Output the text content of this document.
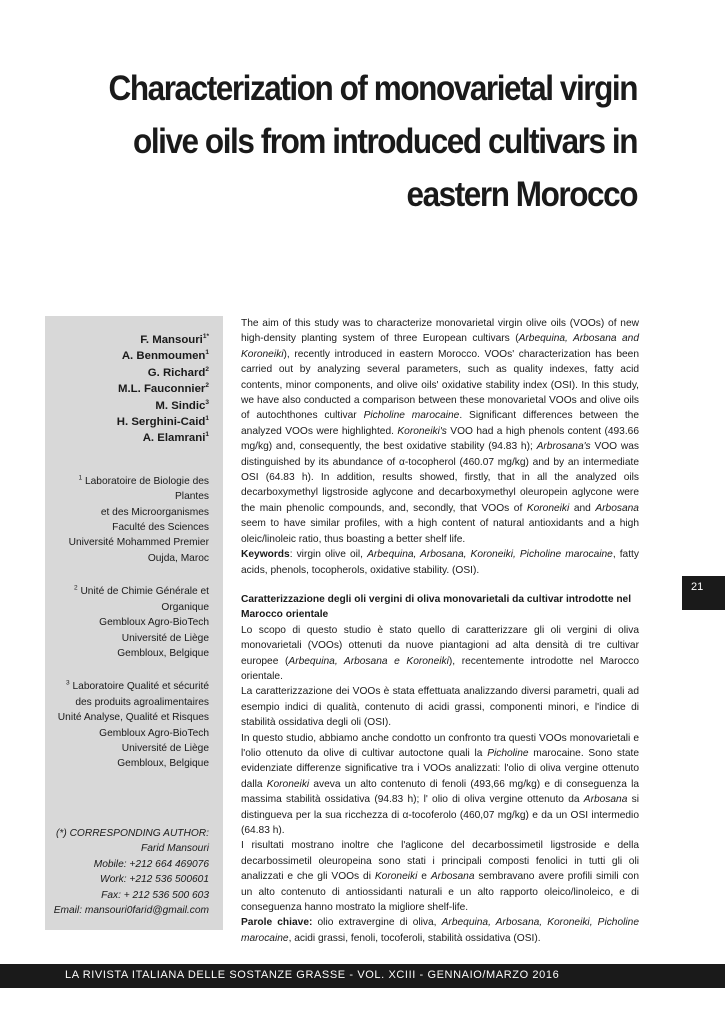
Characterization of monovarietal virgin
olive oils from introduced cultivars in
eastern Morocco
F. Mansouri$^{1*}$
A. Benmoumen$^1$
G. Richard$^2$
M.L. Fauconnier$^2$
M. Sindic$^3$
H. Serghini-Caid$^1$
A. Elamrani$^1$
$^1$ Laboratoire de Biologie des Plantes
et des Microorganismes
Faculté des Sciences
Université Mohammed Premier
Oujda, Maroc
$^2$ Unité de Chimie Générale et Organique
Gembloux Agro-BioTech
Université de Liège
Gembloux, Belgique
$^3$ Laboratoire Qualité et sécurité
des produits agroalimentaires
Unité Analyse, Qualité et Risques
Gembloux Agro-BioTech
Université de Liège
Gembloux, Belgique
(*) CORRESPONDING AUTHOR:
Farid Mansouri
Mobile: +212 664 469076
Work: +212 536 500601
Fax: + 212 536 500 603
Email: mansouri0farid@gmail.com

The aim of this study was to characterize monovarietal virgin olive oils (VOOs) of new high-density planting system of three European cultivars (Arbequina, Arbosana and Koroneiki), recently introduced in eastern Morocco. VOOs' characterization has been carried out by analyzing several parameters, such as quality indexes, fatty acid contents, minor components, and olive oils' oxidative stability index (OSI). In this study, we have also conducted a comparison between these monovarietal VOOs and olive oils of autochthones cultivar Picholine marocaine. Significant differences between the analyzed VOOs were highlighted. Koroneiki's VOO had a high phenols content (493.66 mg/kg) and, consequently, the best oxidative stability (94.83 h); Arbrosana's VOO was distinguished by its abundance of α-tocopherol (460.07 mg/kg) and by an intermediate OSI (64.83 h). In addition, results showed, firstly, that in all the analyzed oils decarboxymethyl ligstroside aglycone and decarboxymethyl oleuropein aglycone were the main phenolic compounds, and, secondly, that VOOs of Koroneiki and Arbosana seem to have similar profiles, with a high content of natural antioxidants and a high oleic/linoleic ratio, thus boasting a better shelf life.

Keywords: virgin olive oil, Arbequina, Arbosana, Koroneiki, Picholine marocaine, fatty acids, phenols, tocopherols, oxidative stability. (OSI).

Caratterizzazione degli oli vergini di oliva monovarietali da cultivar introdotte nel Marocco orientale

Lo scopo di questo studio è stato quello di caratterizzare gli oli vergini di oliva monovarietali (VOOs) ottenuti da nuove piantagioni ad alta densità di tre cultivar europee (Arbequina, Arbosana e Koroneiki), recentemente introdotte nel Marocco orientale.

La caratterizzazione dei VOOs è stata effettuata analizzando diversi parametri, quali ad esempio indici di qualità, contenuto di acidi grassi, componenti minori, e l'indice di stabilità ossidativa degli oli (OSI).

In questo studio, abbiamo anche condotto un confronto tra questi VOOs monovarietali e l'olio ottenuto da olive di cultivar autoctone quali la Picholine marocaine. Sono state evidenziate differenze significative tra i VOOs analizzati: l'olio di oliva vergine ottenuto dalla Koroneiki aveva un alto contenuto di fenoli (493,66 mg/kg) e di conseguenza la massima stabilità ossidativa (94.83 h); l' olio di oliva vergine ottenuto da Arbosana si distingueva per la sua ricchezza di α-tocoferolo (460,07 mg/kg) e da un OSI intermedio (64.83 h).

I risultati mostrano inoltre che l'aglicone del decarbossimetil ligstroside e della decarbossimetil oleuropeina sono stati i principali composti fenolici in tutti gli oli analizzati e che gli VOOs di Koroneiki e Arbosana sembravano avere profili simili con un alto contenuto di antiossidanti naturali e un alto rapporto oleico/linoleico, e di conseguenza hanno mostrato la migliore shelf-life.

Parole chiave: olio extravergine di oliva, Arbequina, Arbosana, Koroneiki, Picholine marocaine, acidi grassi, fenoli, tocoferoli, stabilità ossidativa (OSI).

21
LA RIVISTA ITALIANA DELLE SOSTANZE GRASSE - VOL. XCIII - GENNAIO/MARZO 2016
